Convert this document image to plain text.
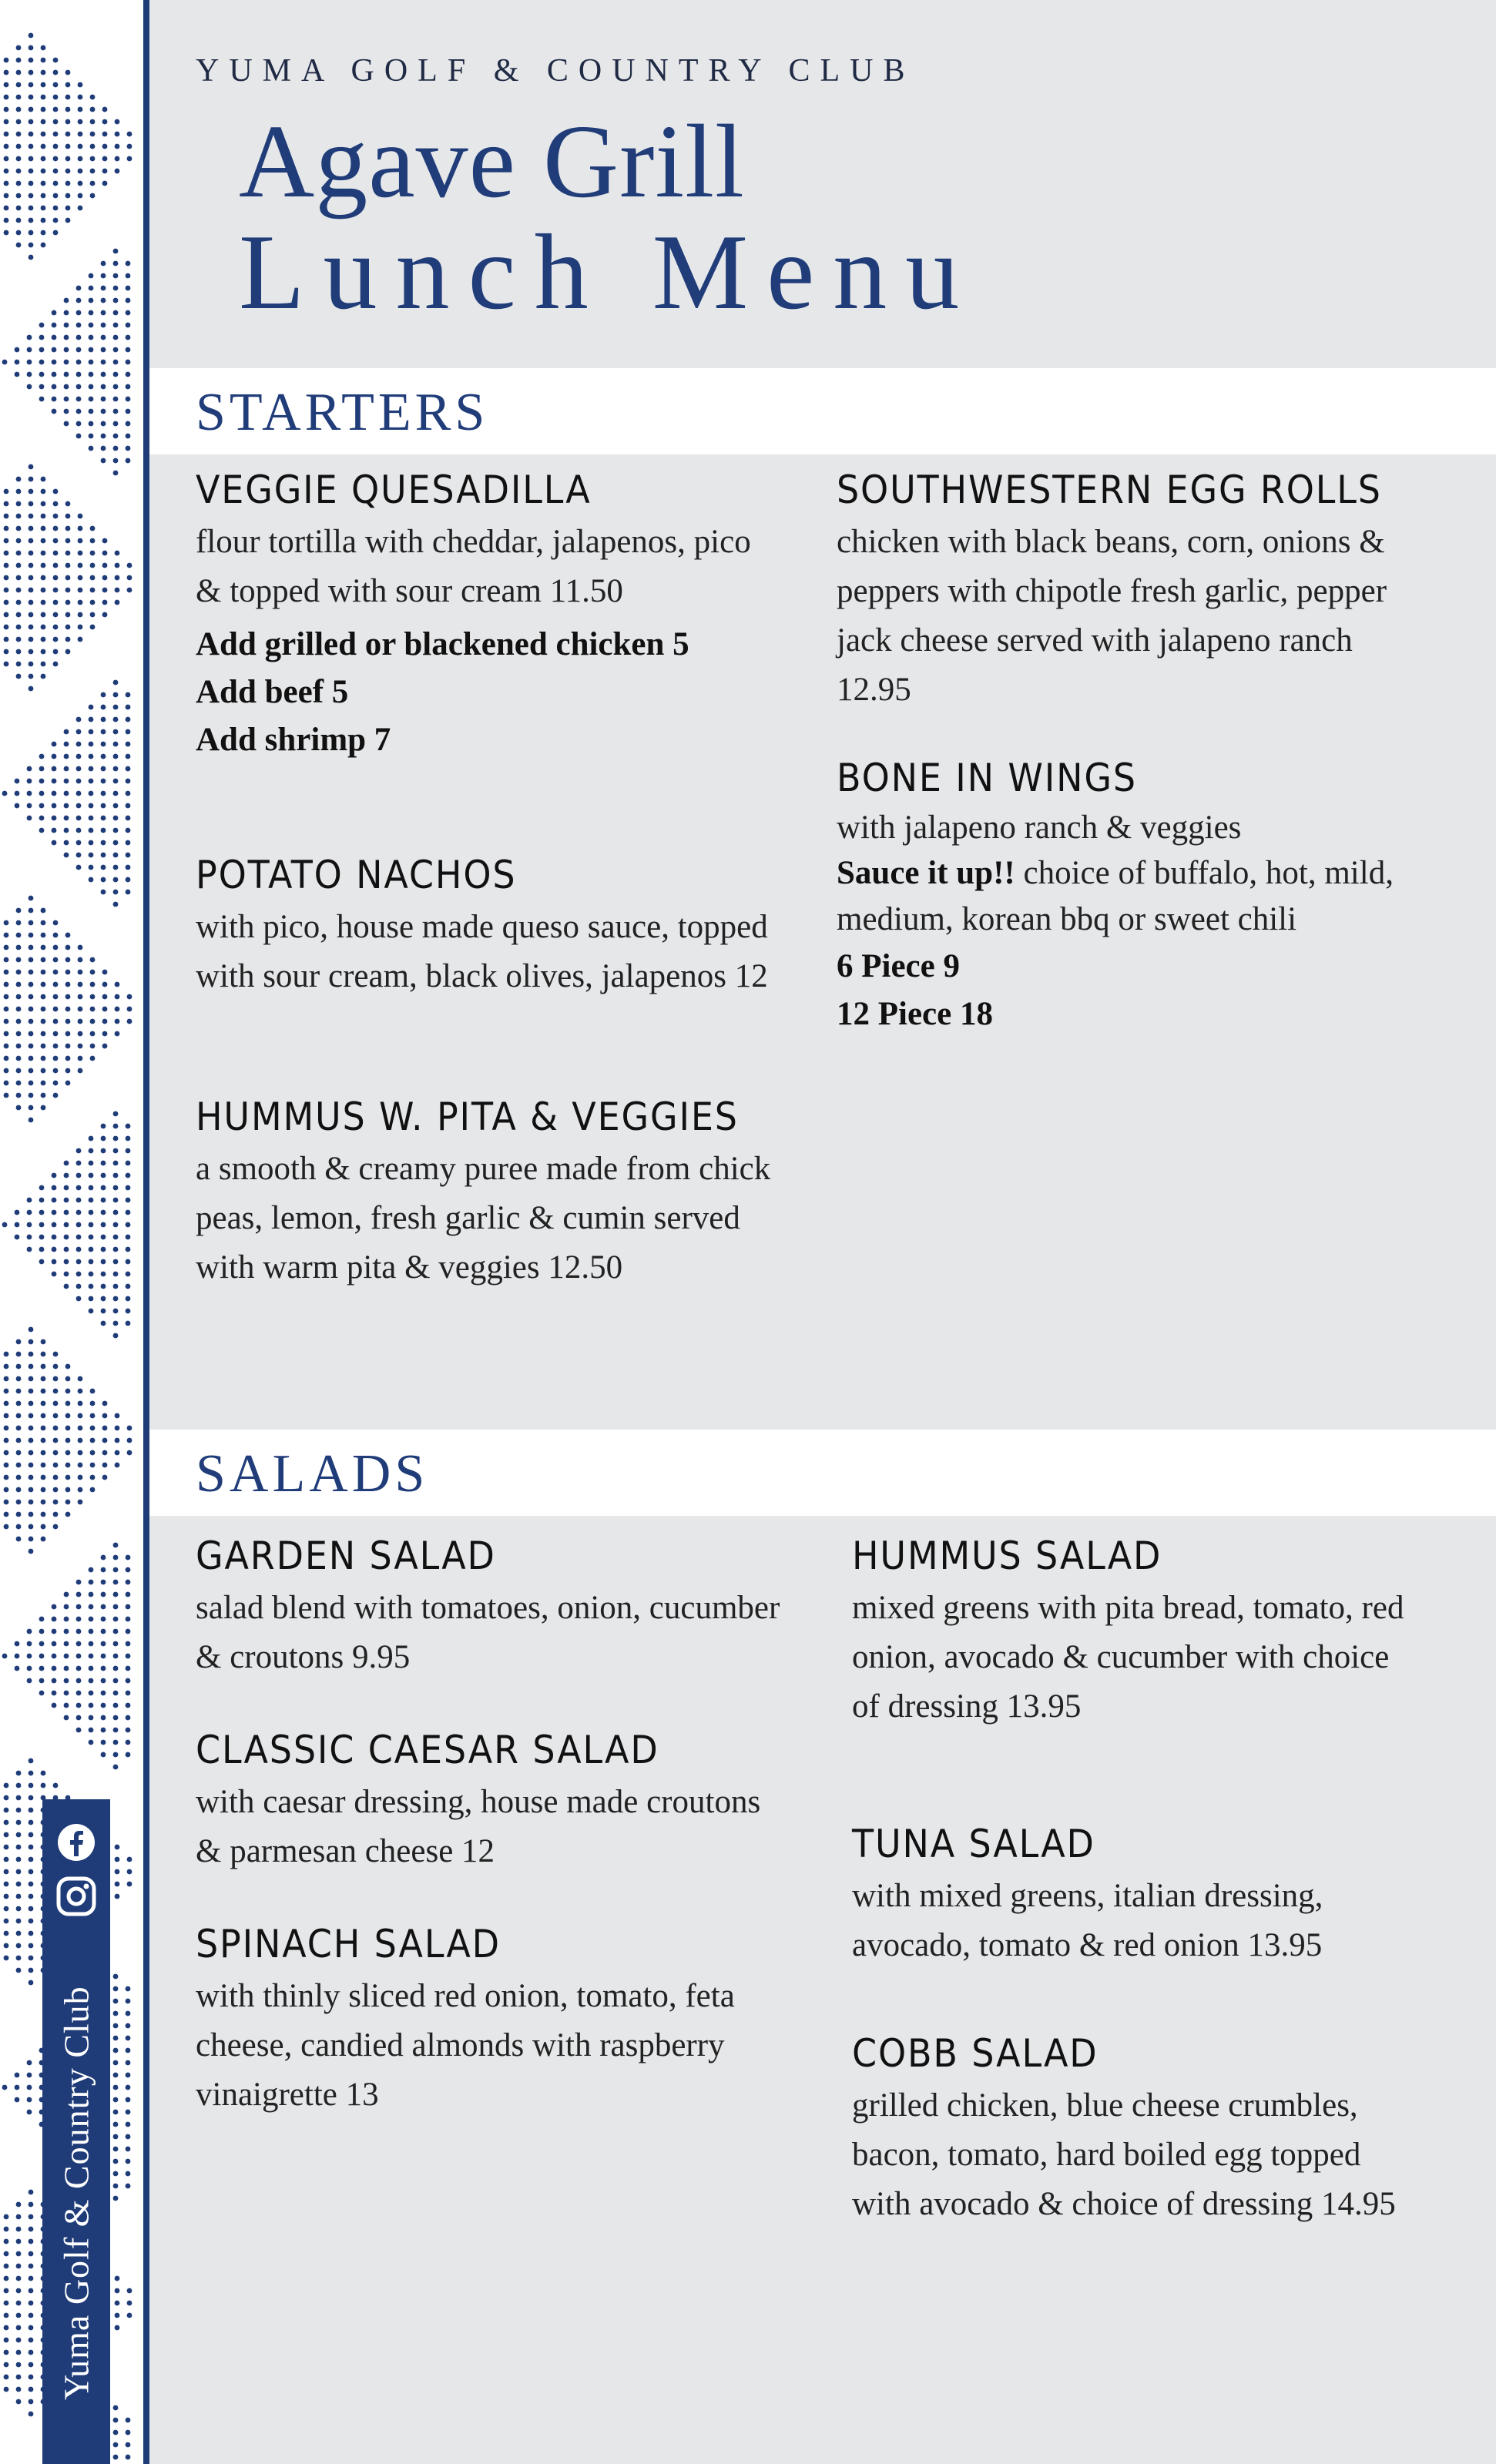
Yuma Golf & Country Club
YUMA GOLF & COUNTRY CLUB
Agave Grill
Lunch Menu
STARTERS
VEGGIE QUESADILLA

flour tortilla with cheddar, jalapenos, pico & topped with sour cream 11.50

Add grilled or blackened chicken 5

Add beef 5

Add shrimp 7

POTATO NACHOS

with pico, house made queso sauce, topped with sour cream, black olives, jalapenos 12

HUMMUS W. PITA & VEGGIES

a smooth & creamy puree made from chick peas, lemon, fresh garlic & cumin served with warm pita & veggies 12.50

SOUTHWESTERN EGG ROLLS

chicken with black beans, corn, onions & peppers with chipotle fresh garlic, pepper jack cheese served with jalapeno ranch 12.95

BONE IN WINGS

with jalapeno ranch & veggies

Sauce it up!! choice of buffalo, hot, mild, medium, korean bbq or sweet chili

6 Piece 9

12 Piece 18

SALADS
GARDEN SALAD

salad blend with tomatoes, onion, cucumber & croutons 9.95

CLASSIC CAESAR SALAD

with caesar dressing, house made croutons & parmesan cheese 12

SPINACH SALAD

with thinly sliced red onion, tomato, feta cheese, candied almonds with raspberry vinaigrette 13

HUMMUS SALAD

mixed greens with pita bread, tomato, red onion, avocado & cucumber with choice of dressing 13.95

TUNA SALAD

with mixed greens, italian dressing, avocado, tomato & red onion 13.95

COBB SALAD

grilled chicken, blue cheese crumbles, bacon, tomato, hard boiled egg topped with avocado & choice of dressing 14.95
